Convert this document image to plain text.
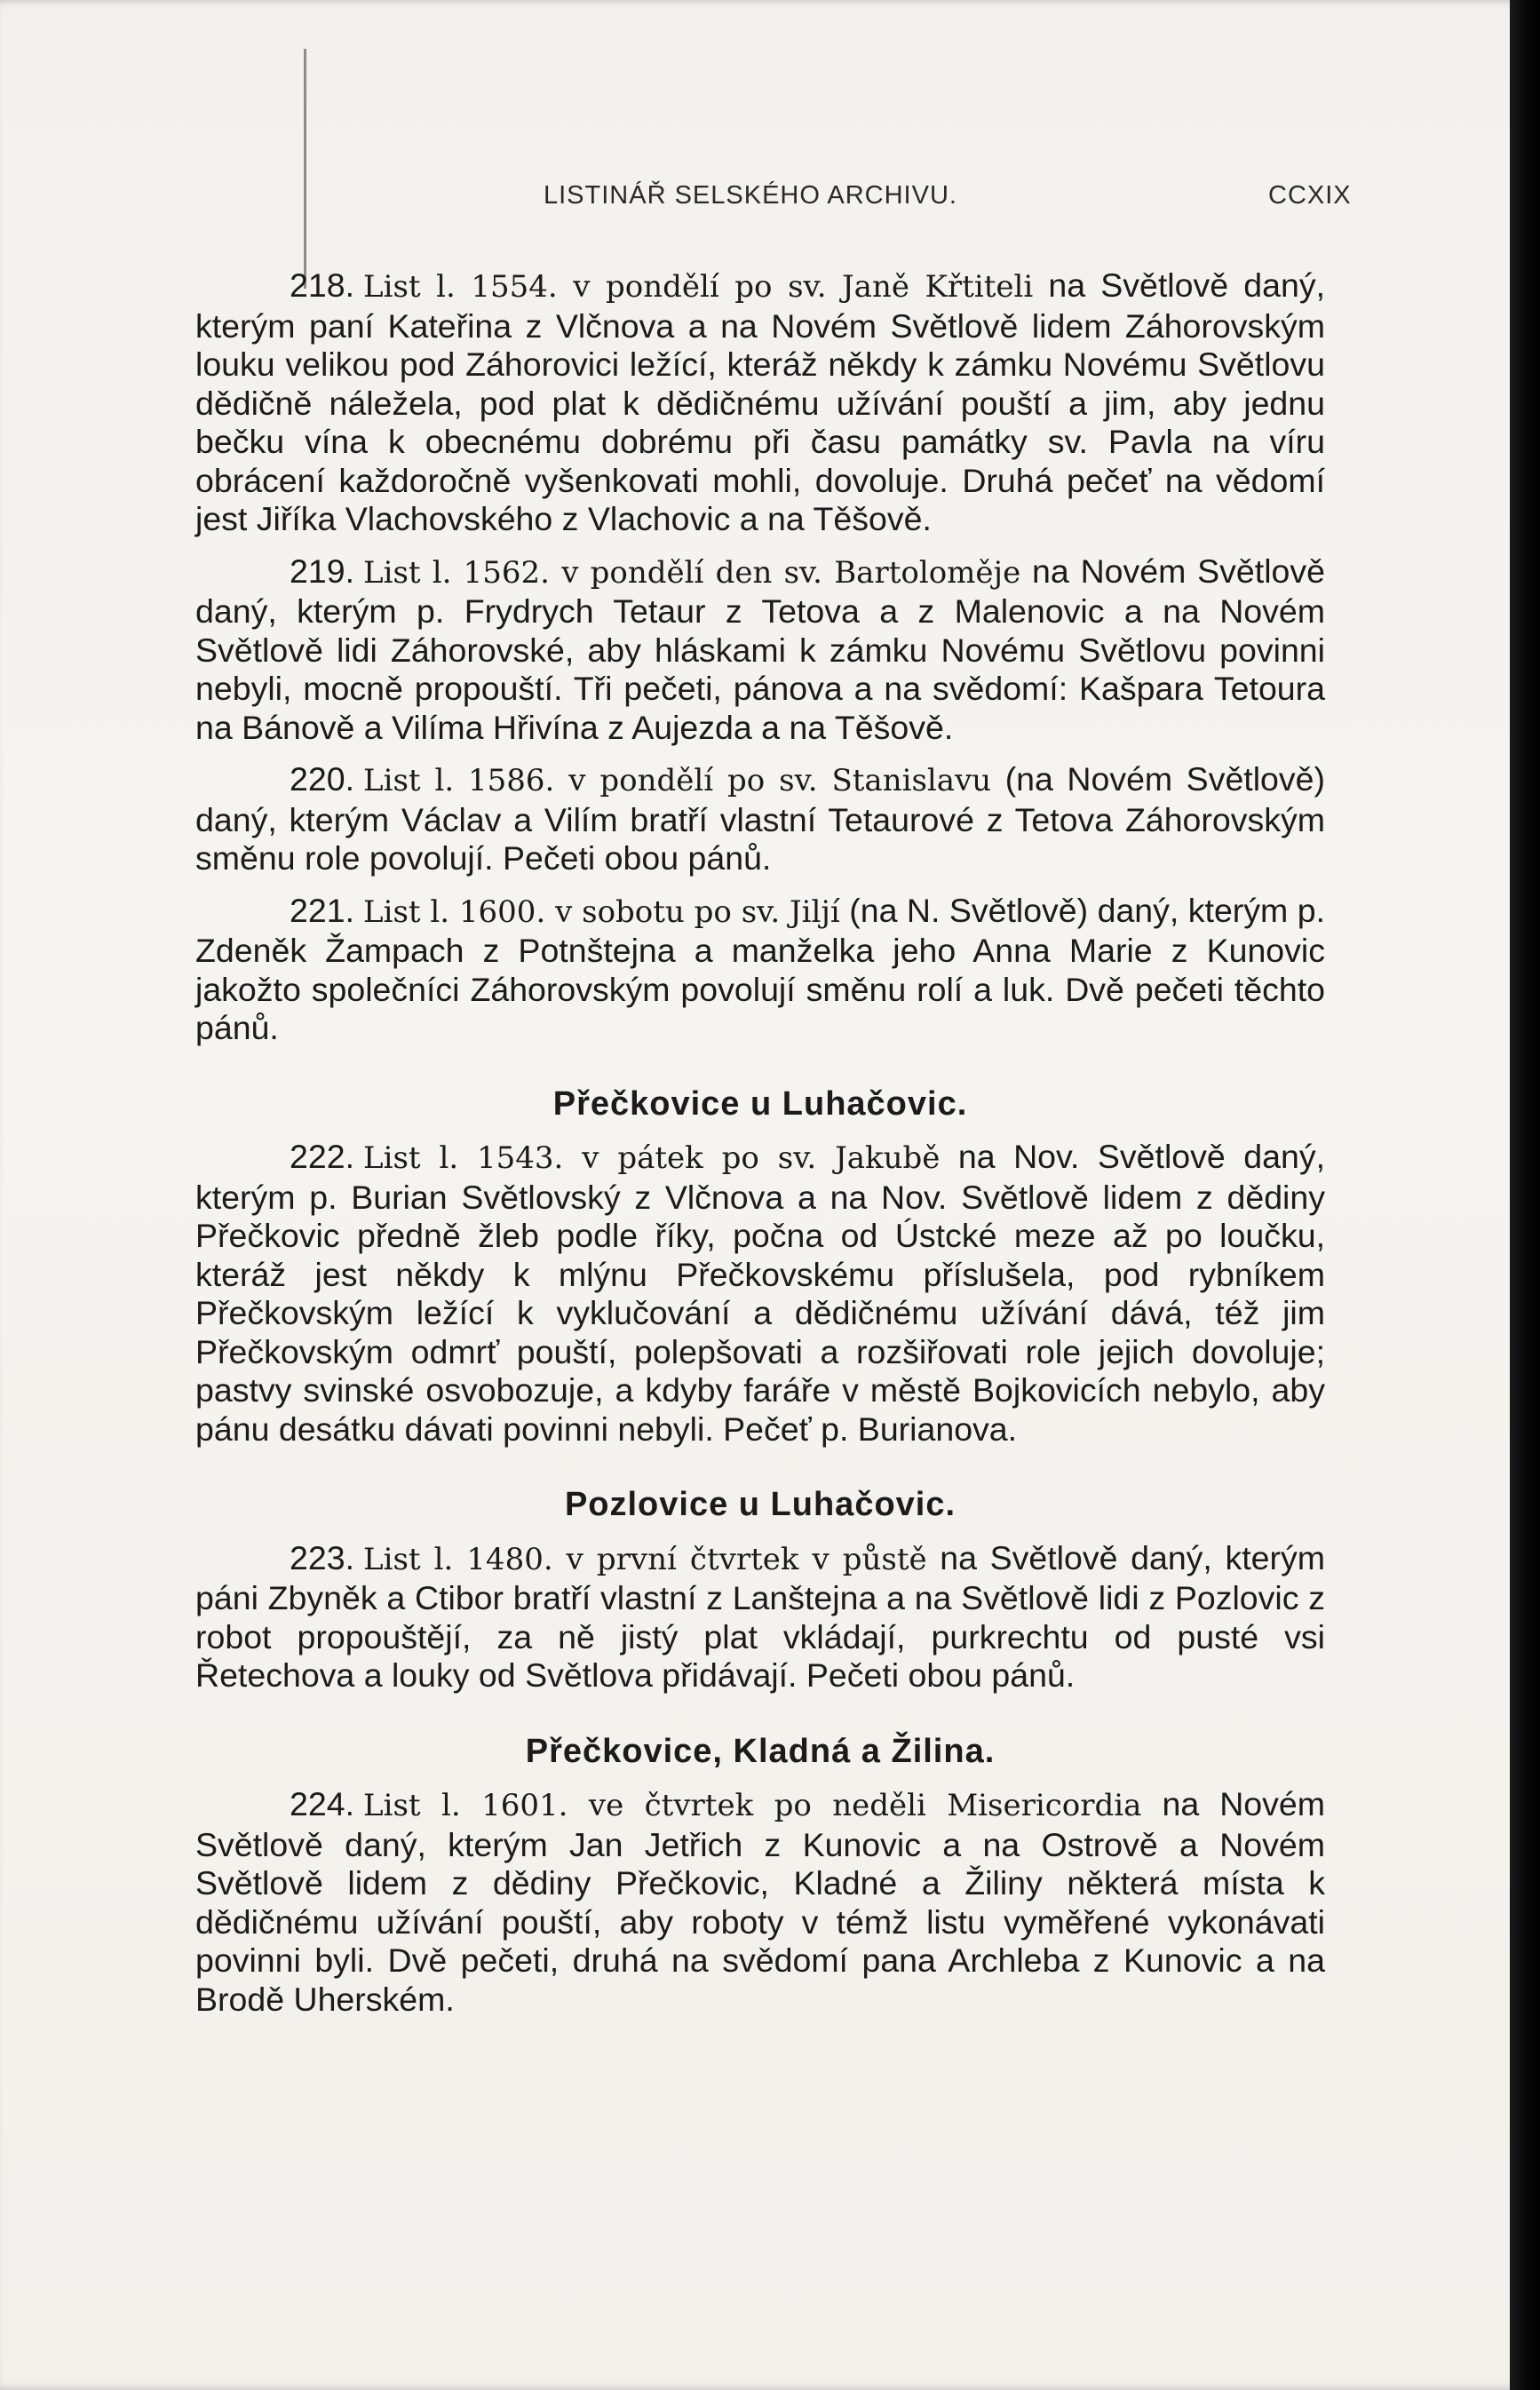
LISTINÁŘ SELSKÉHO ARCHIVU.	CCXIX

218. List l. 1554. v pondělí po sv. Janě Křtiteli na Světlově daný, kterým paní Kateřina z Vlčnova a na Novém Světlově lidem Záhorovským louku velikou pod Záhorovici ležící, kteráž někdy k zámku Novému Světlovu dědičně náležela, pod plat k dědičnému užívání pouští a jim, aby jednu bečku vína k obecnému dobrému při času památky sv. Pavla na víru obrácení každoročně vyšenkovati mohli, dovoluje. Druhá pečeť na vědomí jest Jiříka Vlachovského z Vlachovic a na Těšově.

219. List l. 1562. v pondělí den sv. Bartoloměje na Novém Světlově daný, kterým p. Frydrych Tetaur z Tetova a z Malenovic a na Novém Světlově lidi Záhorovské, aby hláskami k zámku Novému Světlovu povinni nebyli, mocně propouští. Tři pečeti, pánova a na svědomí: Kašpara Tetoura na Bánově a Vilíma Hřivína z Aujezda a na Těšově.

220. List l. 1586. v pondělí po sv. Stanislavu (na Novém Světlově) daný, kterým Václav a Vilím bratří vlastní Tetaurové z Tetova Záhorovským směnu role povolují. Pečeti obou pánů.

221. List l. 1600. v sobotu po sv. Jiljí (na N. Světlově) daný, kterým p. Zdeněk Žampach z Potnštejna a manželka jeho Anna Marie z Kunovic jakožto společníci Záhorovským povolují směnu rolí a luk. Dvě pečeti těchto pánů.

Přečkovice u Luhačovic.

222. List l. 1543. v pátek po sv. Jakubě na Nov. Světlově daný, kterým p. Burian Světlovský z Vlčnova a na Nov. Světlově lidem z dědiny Přečkovic předně žleb podle říky, počna od Ústcké meze až po loučku, kteráž jest někdy k mlýnu Přečkovskému příslušela, pod rybníkem Přečkovským ležící k vyklučování a dědičnému užívání dává, též jim Přečkovským odmrť pouští, polepšovati a rozšiřovati role jejich dovoluje; pastvy svinské osvobozuje, a kdyby faráře v městě Bojkovicích nebylo, aby pánu desátku dávati povinni nebyli. Pečeť p. Burianova.

Pozlovice u Luhačovic.

223. List l. 1480. v první čtvrtek v půstě na Světlově daný, kterým páni Zbyněk a Ctibor bratří vlastní z Lanštejna a na Světlově lidi z Pozlovic z robot propouštějí, za ně jistý plat vkládají, purkrechtu od pusté vsi Řetechova a louky od Světlova přidávají. Pečeti obou pánů.

Přečkovice, Kladná a Žilina.

224. List l. 1601. ve čtvrtek po neděli Misericordia na Novém Světlově daný, kterým Jan Jetřich z Kunovic a na Ostrově a Novém Světlově lidem z dědiny Přečkovic, Kladné a Žiliny některá místa k dědičnému užívání pouští, aby roboty v témž listu vyměřené vykonávati povinni byli. Dvě pečeti, druhá na svědomí pana Archleba z Kunovic a na Brodě Uherském.
